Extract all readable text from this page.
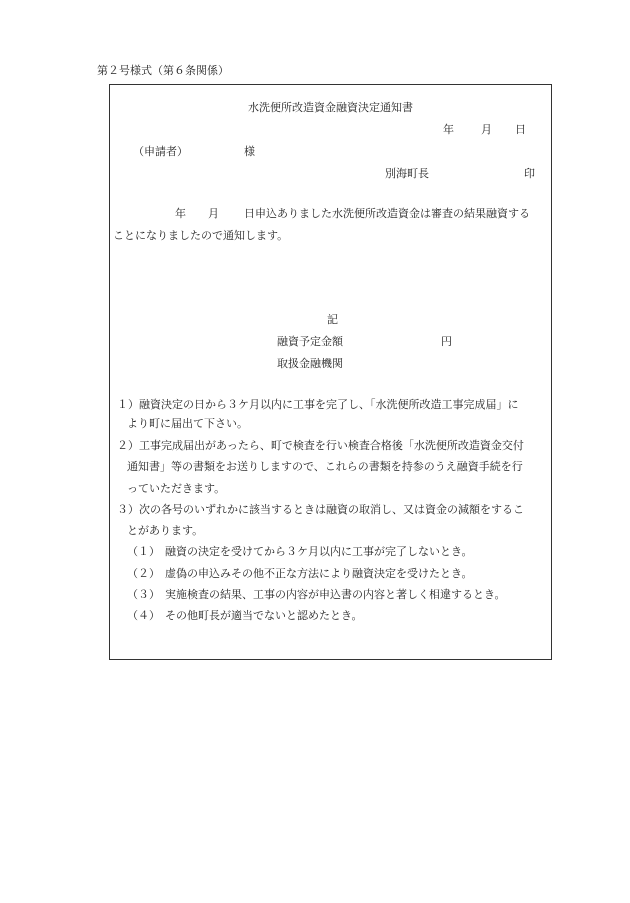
第２号様式（第６条関係）
水洗便所改造資金融資決定通知書
年 月 日
（申請者）	様
別海町長	印
年 月 日申込ありました水洗便所改造資金は審査の結果融資する
ことになりましたので通知します。
記
融資予定金額	円
取扱金融機関
１）融資決定の日から３ケ月以内に工事を完了し、「水洗便所改造工事完成届」に
より町に届出て下さい。
２）工事完成届出があったら、町で検査を行い検査合格後「水洗便所改造資金交付
通知書」等の書類をお送りしますので、これらの書類を持参のうえ融資手続を行
っていただきます。
３）次の各号のいずれかに該当するときは融資の取消し、又は資金の減額をするこ
とがあります。
（１） 融資の決定を受けてから３ケ月以内に工事が完了しないとき。
（２） 虚偽の申込みその他不正な方法により融資決定を受けたとき。
（３） 実施検査の結果、工事の内容が申込書の内容と著しく相違するとき。
（４） その他町長が適当でないと認めたとき。
